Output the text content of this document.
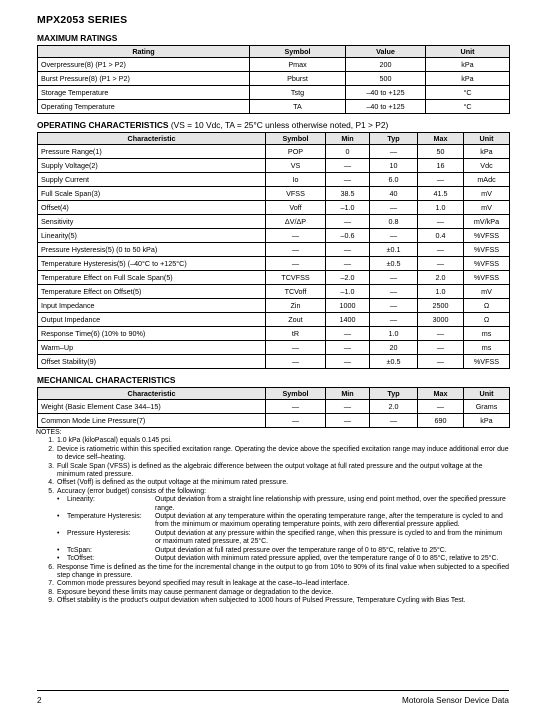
MPX2053 SERIES
MAXIMUM RATINGS
Rating	Symbol	Value	Unit
Overpressure(8) (P1 > P2)	Pmax	200	kPa
Burst Pressure(8) (P1 > P2)	Pburst	500	kPa
Storage Temperature	Tstg	–40 to +125	°C
Operating Temperature	TA	–40 to +125	°C
OPERATING CHARACTERISTICS (VS = 10 Vdc, TA = 25°C unless otherwise noted, P1 > P2)
Characteristic	Symbol	Min	Typ	Max	Unit
Pressure Range(1)	POP	0	—	50	kPa
Supply Voltage(2)	VS	—	10	16	Vdc
Supply Current	Io	—	6.0	—	mAdc
Full Scale Span(3)	VFSS	38.5	40	41.5	mV
Offset(4)	Voff	–1.0	—	1.0	mV
Sensitivity	ΔV/ΔP	—	0.8	—	mV/kPa
Linearity(5)	—	–0.6	—	0.4	%VFSS
Pressure Hysteresis(5) (0 to 50 kPa)	—	—	±0.1	—	%VFSS
Temperature Hysteresis(5) (–40°C to +125°C)	—	—	±0.5	—	%VFSS
Temperature Effect on Full Scale Span(5)	TCVFSS	–2.0	—	2.0	%VFSS
Temperature Effect on Offset(5)	TCVoff	–1.0	—	1.0	mV
Input Impedance	Zin	1000	—	2500	Ω
Output Impedance	Zout	1400	—	3000	Ω
Response Time(6) (10% to 90%)	tR	—	1.0	—	ms
Warm–Up	—	—	20	—	ms
Offset Stability(9)	—	—	±0.5	—	%VFSS
MECHANICAL CHARACTERISTICS
Characteristic	Symbol	Min	Typ	Max	Unit
Weight (Basic Element Case 344–15)	—	—	2.0	—	Grams
Common Mode Line Pressure(7)	—	—	—	690	kPa
NOTES:
1. 1.0 kPa (kiloPascal) equals 0.145 psi.
2. Device is ratiometric within this specified excitation range. Operating the device above the specified excitation range may induce additional error due to device self–heating.
3. Full Scale Span (VFSS) is defined as the algebraic difference between the output voltage at full rated pressure and the output voltage at the minimum rated pressure.
4. Offset (Voff) is defined as the output voltage at the minimum rated pressure.
5. Accuracy (error budget) consists of the following:
•	Linearity:	Output deviation from a straight line relationship with pressure, using end point method, over the specified pressure range.
•	Temperature Hysteresis:	Output deviation at any temperature within the operating temperature range, after the temperature is cycled to and from the minimum or maximum operating temperature points, with zero differential pressure applied.
•	Pressure Hysteresis:	Output deviation at any pressure within the specified range, when this pressure is cycled to and from the minimum or maximum rated pressure, at 25°C.
•	TcSpan:	Output deviation at full rated pressure over the temperature range of 0 to 85°C, relative to 25°C.
•	TcOffset:	Output deviation with minimum rated pressure applied, over the temperature range of 0 to 85°C, relative to 25°C.
6. Response Time is defined as the time for the incremental change in the output to go from 10% to 90% of its final value when subjected to a specified step change in pressure.
7. Common mode pressures beyond specified may result in leakage at the case–to–lead interface.
8. Exposure beyond these limits may cause permanent damage or degradation to the device.
9. Offset stability is the product's output deviation when subjected to 1000 hours of Pulsed Pressure, Temperature Cycling with Bias Test.
2	Motorola Sensor Device Data
